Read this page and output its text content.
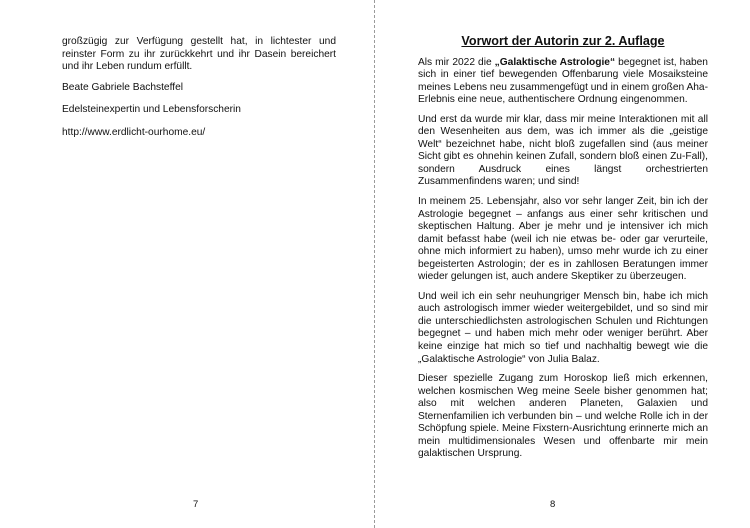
großzügig zur Verfügung gestellt hat, in lichtester und reinster Form zu ihr zurückkehrt und ihr Dasein bereichert und ihr Leben rundum erfüllt.

Beate Gabriele Bachsteffel
Edelsteinexpertin und Lebensforscherin
http://www.erdlicht-ourhome.eu/
7
Vorwort der Autorin zur 2. Auflage

Als mir 2022 die „Galaktische Astrologie“ begegnet ist, haben sich in einer tief bewegenden Offenbarung viele Mosaiksteine meines Lebens neu zusammengefügt und in einem großen Aha-Erlebnis eine neue, authentischere Ordnung eingenommen.

Und erst da wurde mir klar, dass mir meine Interaktionen mit all den Wesenheiten aus dem, was ich immer als die „geistige Welt“ bezeichnet habe, nicht bloß zugefallen sind (aus meiner Sicht gibt es ohnehin keinen Zufall, sondern bloß einen Zu-Fall), sondern Ausdruck eines längst orchestrierten Zusammenfindens waren; und sind!

In meinem 25. Lebensjahr, also vor sehr langer Zeit, bin ich der Astrologie begegnet – anfangs aus einer sehr kritischen und skeptischen Haltung. Aber je mehr und je intensiver ich mich damit befasst habe (weil ich nie etwas be- oder gar verurteile, ohne mich informiert zu haben), umso mehr wurde ich zu einer begeisterten Astrologin; der es in zahllosen Beratungen immer wieder gelungen ist, auch andere Skeptiker zu überzeugen.

Und weil ich ein sehr neuhungriger Mensch bin, habe ich mich auch astrologisch immer wieder weitergebildet, und so sind mir die unterschiedlichsten astrologischen Schulen und Richtungen begegnet – und haben mich mehr oder weniger berührt. Aber keine einzige hat mich so tief und nachhaltig bewegt wie die „Galaktische Astrologie“ von Julia Balaz.

Dieser spezielle Zugang zum Horoskop ließ mich erkennen, welchen kosmischen Weg meine Seele bisher genommen hat; also mit welchen anderen Planeten, Galaxien und Sternenfamilien ich verbunden bin – und welche Rolle ich in der Schöpfung spiele. Meine Fixstern-Ausrichtung erinnerte mich an mein multidimensionales Wesen und offenbarte mir mein galaktischen Ursprung.

8
